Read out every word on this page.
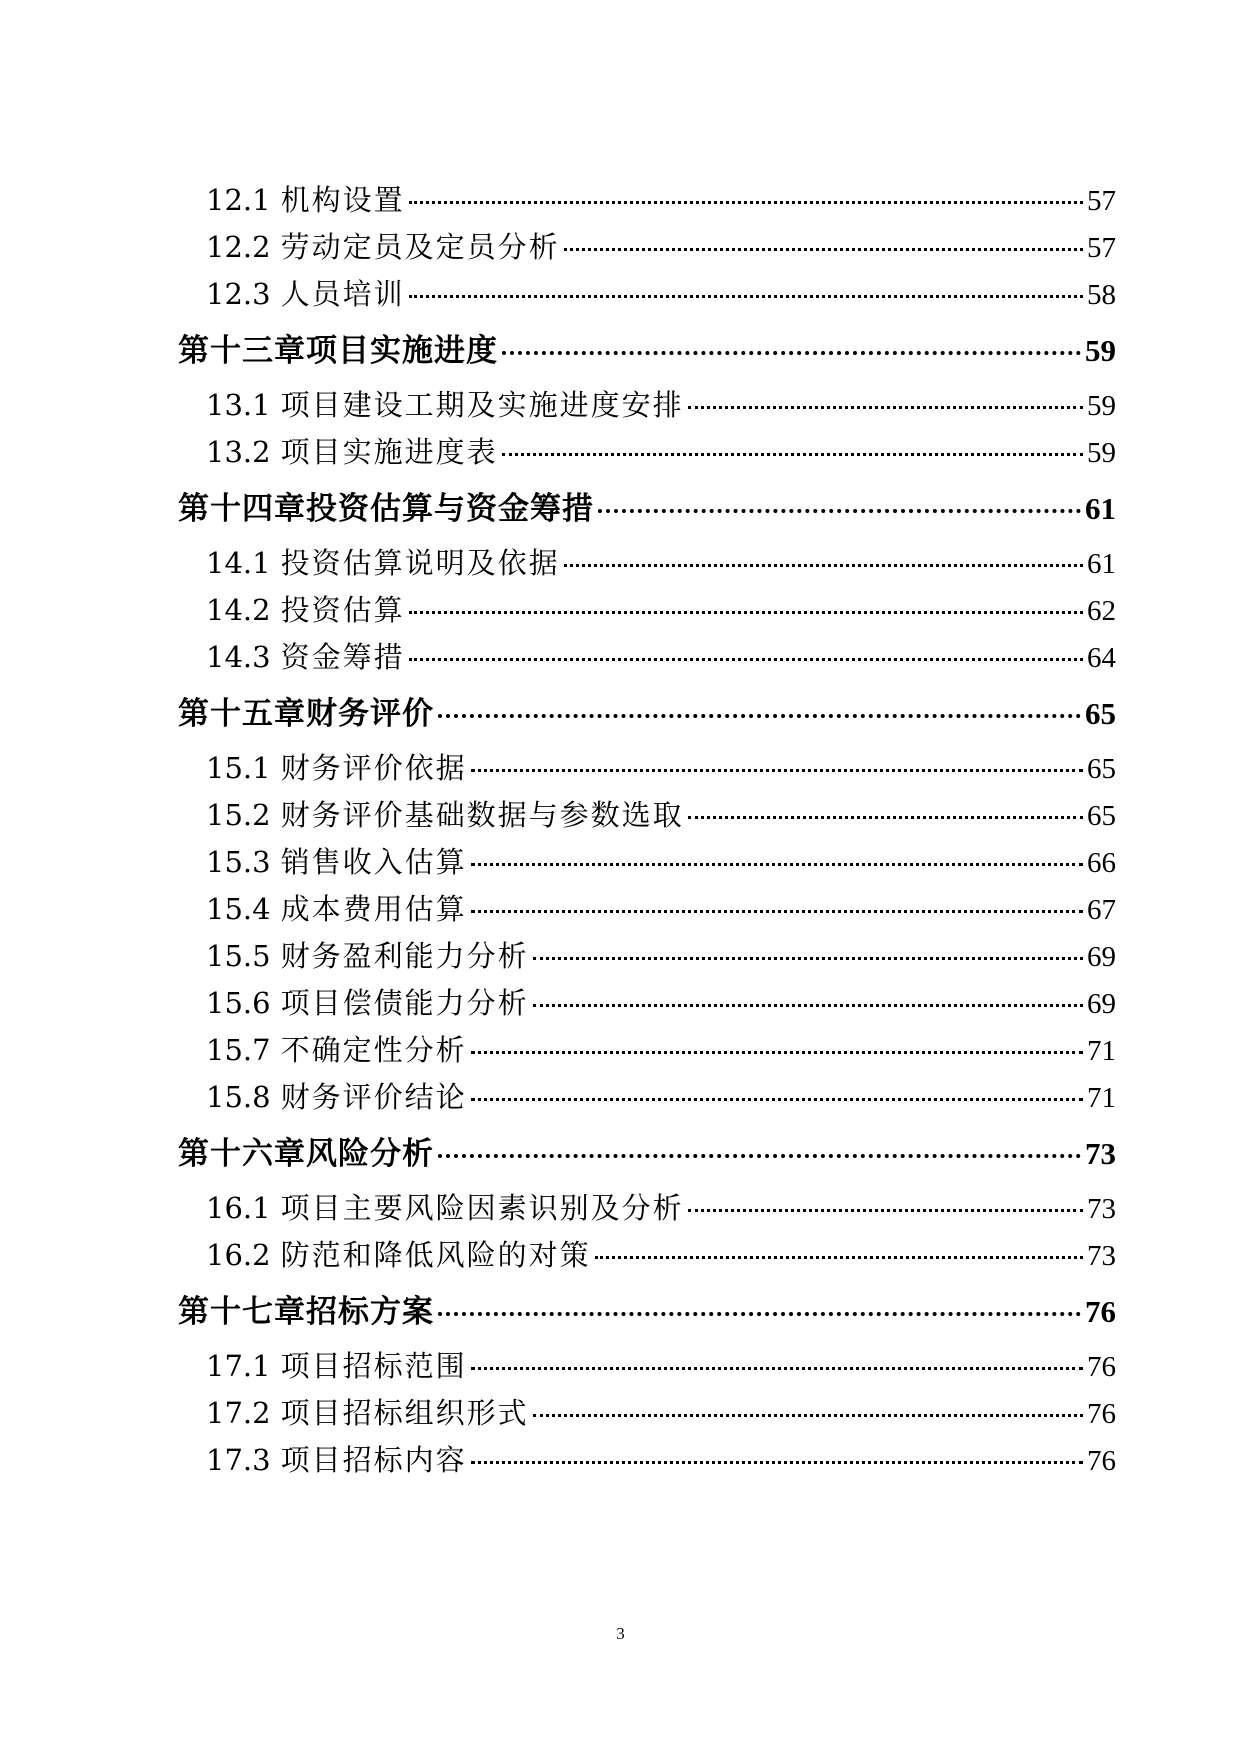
12.1 机构设置	57
12.2 劳动定员及定员分析	57
12.3 人员培训	58
第十三章项目实施进度	59
13.1 项目建设工期及实施进度安排	59
13.2 项目实施进度表	59
第十四章投资估算与资金筹措	61
14.1 投资估算说明及依据	61
14.2 投资估算	62
14.3 资金筹措	64
第十五章财务评价	65
15.1 财务评价依据	65
15.2 财务评价基础数据与参数选取	65
15.3 销售收入估算	66
15.4 成本费用估算	67
15.5 财务盈利能力分析	69
15.6 项目偿债能力分析	69
15.7 不确定性分析	71
15.8 财务评价结论	71
第十六章风险分析	73
16.1 项目主要风险因素识别及分析	73
16.2 防范和降低风险的对策	73
第十七章招标方案	76
17.1 项目招标范围	76
17.2 项目招标组织形式	76
17.3 项目招标内容	76
3
